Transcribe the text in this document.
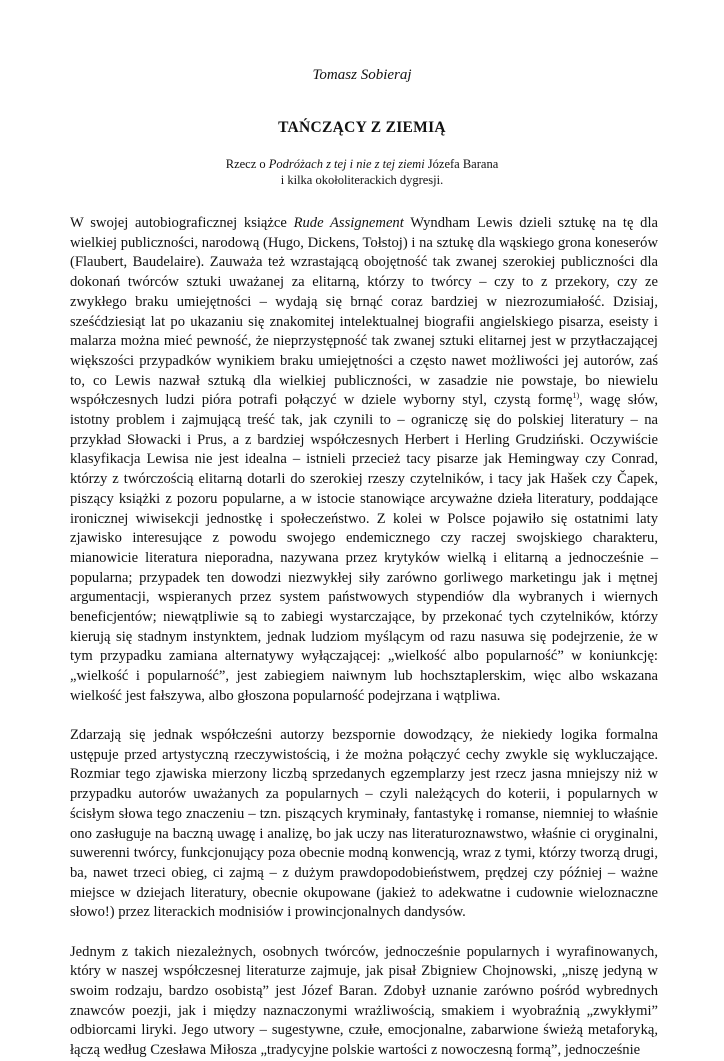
Tomasz Sobieraj
TAŃCZĄCY Z ZIEMIĄ
Rzecz o Podróżach z tej i nie z tej ziemi Józefa Barana
i kilka okołoliterackich dygresji.

W swojej autobiograficznej książce Rude Assignement Wyndham Lewis dzieli sztukę na tę dla wielkiej publiczności, narodową (Hugo, Dickens, Tołstoj) i na sztukę dla wąskiego grona koneserów (Flaubert, Baudelaire). Zauważa też wzrastającą obojętność tak zwanej szerokiej publiczności dla dokonań twórców sztuki uważanej za elitarną, którzy to twórcy – czy to z przekory, czy ze zwykłego braku umiejętności – wydają się brnąć coraz bardziej w niezrozumiałość. Dzisiaj, sześćdziesiąt lat po ukazaniu się znakomitej intelektualnej biografii angielskiego pisarza, eseisty i malarza można mieć pewność, że nieprzystępność tak zwanej sztuki elitarnej jest w przytłaczającej większości przypadków wynikiem braku umiejętności a często nawet możliwości jej autorów, zaś to, co Lewis nazwał sztuką dla wielkiej publiczności, w zasadzie nie powstaje, bo niewielu współczesnych ludzi pióra potrafi połączyć w dziele wyborny styl, czystą formę$^{1)}$, wagę słów, istotny problem i zajmującą treść tak, jak czynili to – ograniczę się do polskiej literatury – na przykład Słowacki i Prus, a z bardziej współczesnych Herbert i Herling Grudziński. Oczywiście klasyfikacja Lewisa nie jest idealna – istnieli przecież tacy pisarze jak Hemingway czy Conrad, którzy z twórczością elitarną dotarli do szerokiej rzeszy czytelników, i tacy jak Hašek czy Čapek, piszący książki z pozoru popularne, a w istocie stanowiące arcyważne dzieła literatury, poddające ironicznej wiwisekcji jednostkę i społeczeństwo. Z kolei w Polsce pojawiło się ostatnimi laty zjawisko interesujące z powodu swojego endemicznego czy raczej swojskiego charakteru, mianowicie literatura nieporadna, nazywana przez krytyków wielką i elitarną a jednocześnie – popularna; przypadek ten dowodzi niezwykłej siły zarówno gorliwego marketingu jak i mętnej argumentacji, wspieranych przez system państwowych stypendiów dla wybranych i wiernych beneficjentów; niewątpliwie są to zabiegi wystarczające, by przekonać tych czytelników, którzy kierują się stadnym instynktem, jednak ludziom myślącym od razu nasuwa się podejrzenie, że w tym przypadku zamiana alternatywy wyłączającej: „wielkość albo popularność” w koniunkcję: „wielkość i popularność”, jest zabiegiem naiwnym lub hochsztaplerskim, więc albo wskazana wielkość jest fałszywa, albo głoszona popularność podejrzana i wątpliwa.

Zdarzają się jednak współcześni autorzy bezspornie dowodzący, że niekiedy logika formalna ustępuje przed artystyczną rzeczywistością, i że można połączyć cechy zwykle się wykluczające. Rozmiar tego zjawiska mierzony liczbą sprzedanych egzemplarzy jest rzecz jasna mniejszy niż w przypadku autorów uważanych za popularnych – czyli należących do koterii, i popularnych w ścisłym słowa tego znaczeniu – tzn. piszących kryminały, fantastykę i romanse, niemniej to właśnie ono zasługuje na baczną uwagę i analizę, bo jak uczy nas literaturoznawstwo, właśnie ci oryginalni, suwerenni twórcy, funkcjonujący poza obecnie modną konwencją, wraz z tymi, którzy tworzą drugi, ba, nawet trzeci obieg, ci zajmą – z dużym prawdopodobieństwem, prędzej czy później – ważne miejsce w dziejach literatury, obecnie okupowane (jakież to adekwatne i cudownie wieloznaczne słowo!) przez literackich modnisiów i prowincjonalnych dandysów.

Jednym z takich niezależnych, osobnych twórców, jednocześnie popularnych i wyrafinowanych, który w naszej współczesnej literaturze zajmuje, jak pisał Zbigniew Chojnowski, „niszę jedyną w swoim rodzaju, bardzo osobistą” jest Józef Baran. Zdobył uznanie zarówno pośród wybrednych znawców poezji, jak i między naznaczonymi wrażliwością, smakiem i wyobraźnią „zwykłymi” odbiorcami liryki. Jego utwory – sugestywne, czułe, emocjonalne, zabarwione świeżą metaforyką, łączą według Czesława Miłosza „tradycyjne polskie wartości z nowoczesną formą”, jednocześnie
